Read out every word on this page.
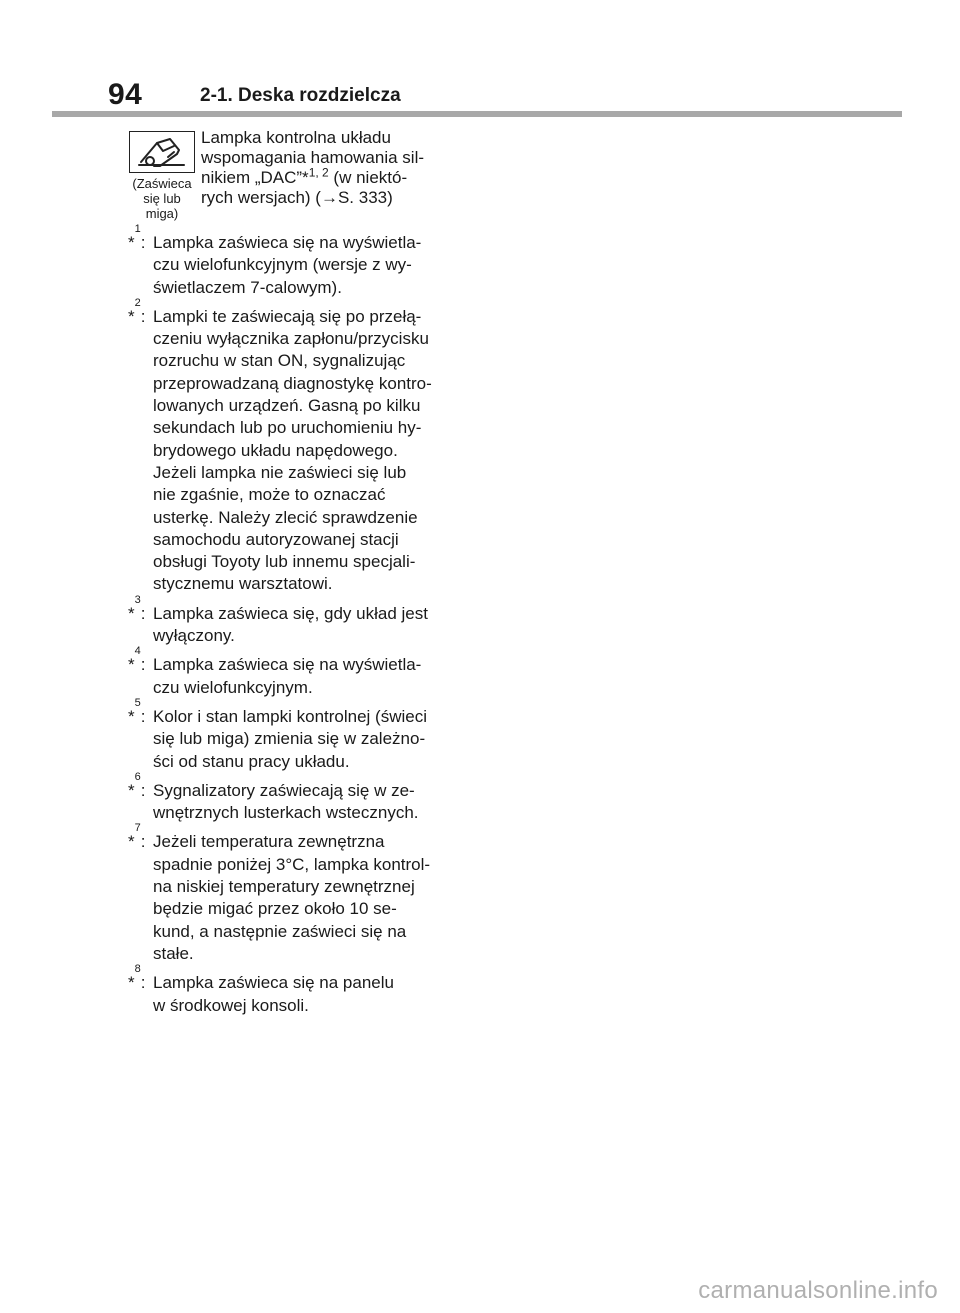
94	2-1. Deska rozdzielcza
(Zaświeca
się lub
miga)

Lampka kontrolna układu

wspomagania hamowania sil-

nikiem „DAC”*$^{1, 2}$ (w niektó-

rych wersjach) (→S. 333)

*$^1$: Lampka zaświeca się na wyświetla-

czu wielofunkcyjnym (wersje z wy-

świetlaczem 7-calowym).

*$^2$: Lampki te zaświecają się po przełą-

czeniu wyłącznika zapłonu/przycisku

rozruchu w stan ON, sygnalizując

przeprowadzaną diagnostykę kontro-

lowanych urządzeń. Gasną po kilku

sekundach lub po uruchomieniu hy-

brydowego układu napędowego.

Jeżeli lampka nie zaświeci się lub

nie zgaśnie, może to oznaczać

usterkę. Należy zlecić sprawdzenie

samochodu autoryzowanej stacji

obsługi Toyoty lub innemu specjali-

stycznemu warsztatowi.

*$^3$: Lampka zaświeca się, gdy układ jest

wyłączony.

*$^4$: Lampka zaświeca się na wyświetla-

czu wielofunkcyjnym.

*$^5$: Kolor i stan lampki kontrolnej (świeci

się lub miga) zmienia się w zależno-

ści od stanu pracy układu.

*$^6$: Sygnalizatory zaświecają się w ze-

wnętrznych lusterkach wstecznych.

*$^7$: Jeżeli temperatura zewnętrzna

spadnie poniżej 3°C, lampka kontrol-

na niskiej temperatury zewnętrznej

będzie migać przez około 10 se-

kund, a następnie zaświeci się na

stałe.

*$^8$: Lampka zaświeca się na panelu

w środkowej konsoli.

carmanualsonline.info
